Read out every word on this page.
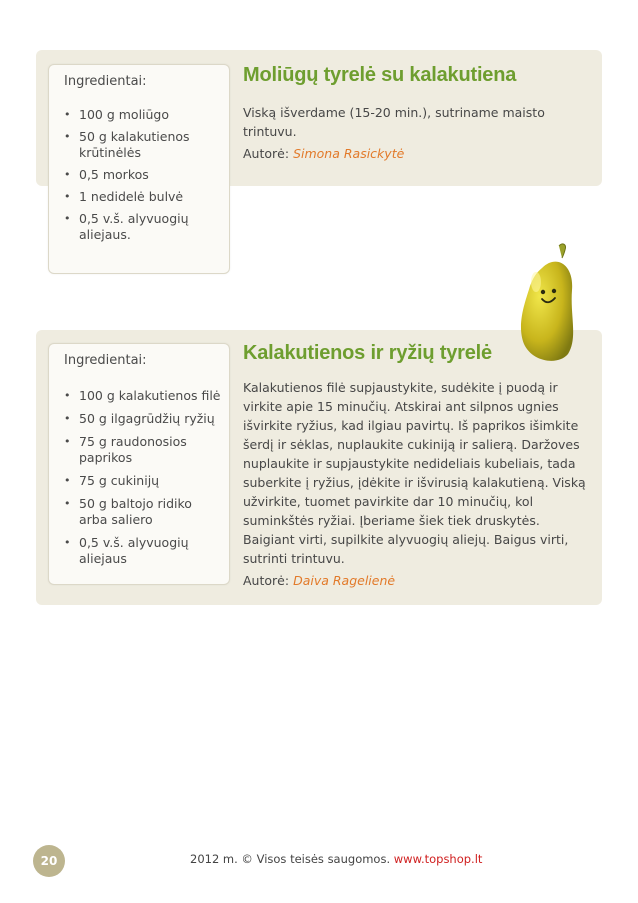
Ingredientai:
• 100 g moliūgo
• 50 g kalakutienos krūtinėlės
• 0,5 morkos
• 1 nedidelė bulvė
• 0,5 v.š. alyvuogių aliejaus.
Moliūgų tyrelė su kalakutiena
Viską išverdame (15-20 min.), sutriname maisto trintuvu.
Autorė: Simona Rasickytė
Ingredientai:
• 100 g kalakutienos filė
• 50 g ilgagrūdžių ryžių
• 75 g raudonosios paprikos
• 75 g cukinijų
• 50 g baltojo ridiko arba saliero
• 0,5 v.š. alyvuogių aliejaus
Kalakutienos ir ryžių tyrelė
Kalakutienos filė supjaustykite, sudėkite į puodą ir virkite apie 15 minučių. Atskirai ant silpnos ugnies išvirkite ryžius, kad ilgiau pavirtų. Iš paprikos išimkite šerdį ir sėklas, nuplaukite cukiniją ir salierą. Daržoves nuplaukite ir supjaustykite nedideliais kubeliais, tada suberkite į ryžius, įdėkite ir išvirusią kalakutieną. Viską užvirkite, tuomet pavirkite dar 10 minučių, kol suminkštės ryžiai. Įberiame šiek tiek druskytės. Baigiant virti, supilkite alyvuogių aliejų. Baigus virti, sutrinti trintuvu.
Autorė: Daiva Ragelienė
20	2012 m. © Visos teisės saugomos. www.topshop.lt
